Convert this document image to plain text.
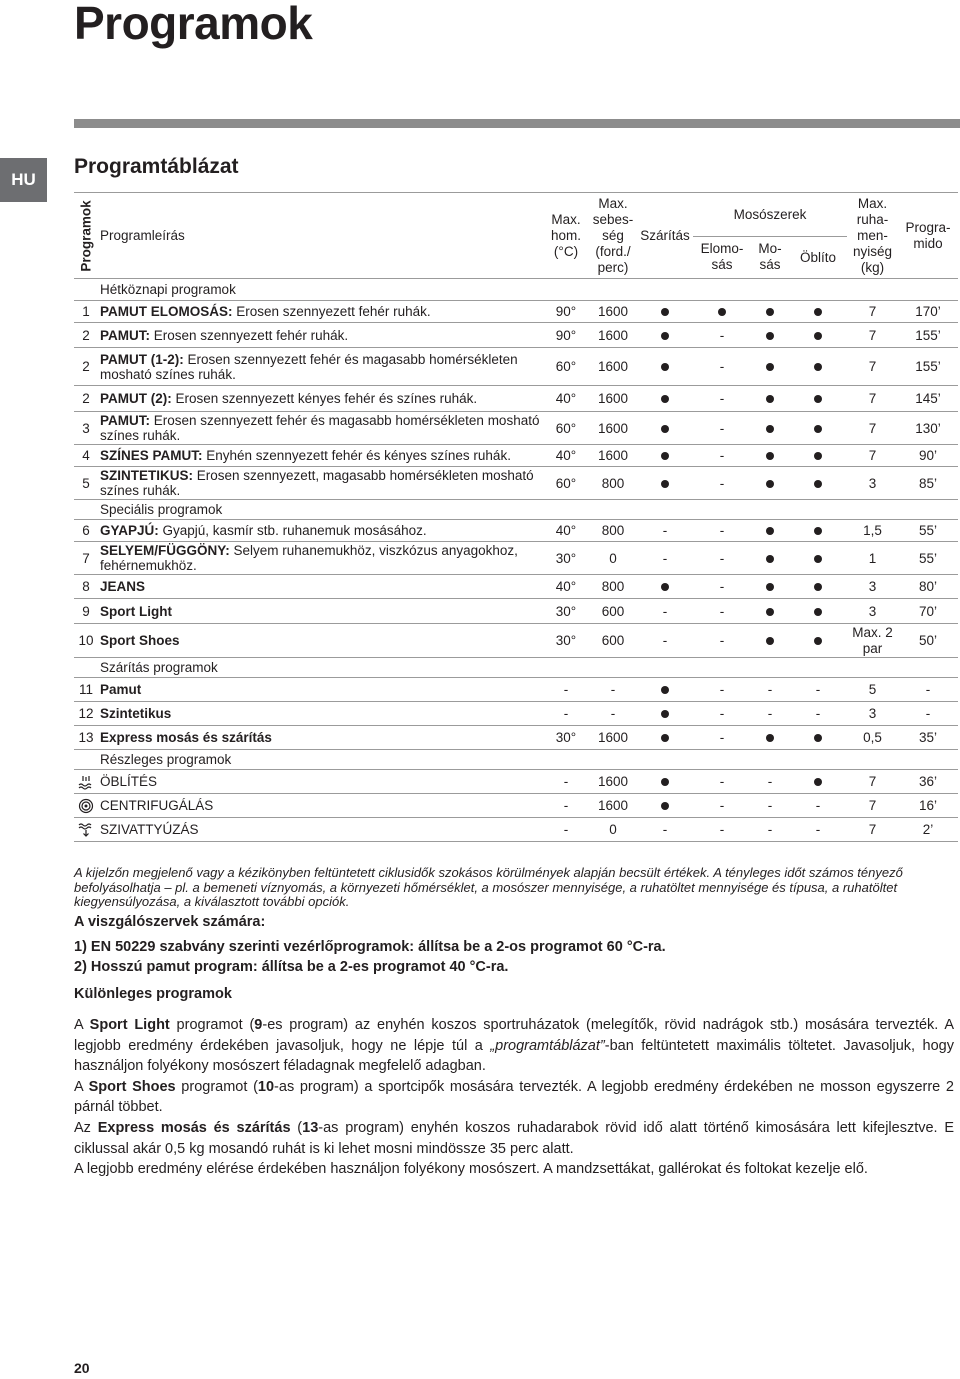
Programok
HU
Programtáblázat
Programok	Programleírás	Max. hom. (°C)	Max. sebes-ség (ford./ perc)	Szárítás	Mosószerek			Max. ruha-men-nyiség (kg)	Progra-mido
					Elomo-sás	Mo-sás	Öblíto		
	Hétköznapi programok								
1	PAMUT ELOMOSÁS: Erosen szennyezett fehér ruhák.	90°	1600					7	170’
2	PAMUT: Erosen szennyezett fehér ruhák.	90°	1600		-			7	155’
2	PAMUT (1-2): Erosen szennyezett fehér és magasabb homérsékleten mosható színes ruhák.	60°	1600		-			7	155’
2	PAMUT (2): Erosen szennyezett kényes fehér és színes ruhák.	40°	1600		-			7	145’
3	PAMUT: Erosen szennyezett fehér és magasabb homérsékleten mosható színes ruhák.	60°	1600		-			7	130’
4	SZÍNES PAMUT: Enyhén szennyezett fehér és kényes színes ruhák.	40°	1600		-			7	90’
5	SZINTETIKUS: Erosen szennyezett, magasabb homérsékleten mosható színes ruhák.	60°	800		-			3	85’
	Speciális programok								
6	GYAPJÚ: Gyapjú, kasmír stb. ruhanemuk mosásához.	40°	800	-	-			1,5	55’
7	SELYEM/FÜGGÖNY: Selyem ruhanemukhöz, viszkózus anyagokhoz, fehérnemukhöz.	30°	0	-	-			1	55’
8	JEANS	40°	800		-			3	80’
9	Sport Light	30°	600	-	-			3	70’
10	Sport Shoes	30°	600	-	-			Max. 2 par	50’
	Szárítás programok								
11	Pamut	-	-		-	-	-	5	-
12	Szintetikus	-	-		-	-	-	3	-
13	Express mosás és szárítás	30°	1600		-			0,5	35’
	Részleges programok								
	ÖBLÍTÉS	-	1600		-	-		7	36’
	CENTRIFUGÁLÁS	-	1600		-	-	-	7	16’
	SZIVATTYÚZÁS	-	0	-	-	-	-	7	2’
A kijelzőn megjelenő vagy a kézikönyben feltüntetett ciklusidők szokásos körülmények alapján becsült értékek. A tényleges időt számos tényező befolyásolhatja – pl. a bemeneti víznyomás, a környezeti hőmérséklet, a mosószer mennyisége, a ruhatöltet mennyisége és típusa, a ruhatöltet kiegyensúlyozása, a kiválasztott további opciók.
A viszgálószervek számára:
1) EN 50229 szabvány szerinti vezérlőprogramok: állítsa be a 2-os programot 60 °C-ra.
2) Hosszú pamut program: állítsa be a 2-es programot 40 °C-ra.
Különleges programok

A Sport Light programot (9-es program) az enyhén koszos sportruházatok (melegítők, rövid nadrágok stb.) mosására tervezték. A legjobb eredmény érdekében javasoljuk, hogy ne lépje túl a „programtáblázat”-ban feltüntetett maximális töltetet. Javasoljuk, hogy használjon folyékony mosószert féladagnak megfelelő adagban.

A Sport Shoes programot (10-as program) a sportcipők mosására tervezték. A legjobb eredmény érdekében ne mosson egyszerre 2 párnál többet.

Az Express mosás és szárítás (13-as program) enyhén koszos ruhadarabok rövid idő alatt történő kimosására lett kifejlesztve. E ciklussal akár 0,5 kg mosandó ruhát is ki lehet mosni mindössze 35 perc alatt.

A legjobb eredmény elérése érdekében használjon folyékony mosószert. A mandzsettákat, gallérokat és foltokat kezelje elő.

20
